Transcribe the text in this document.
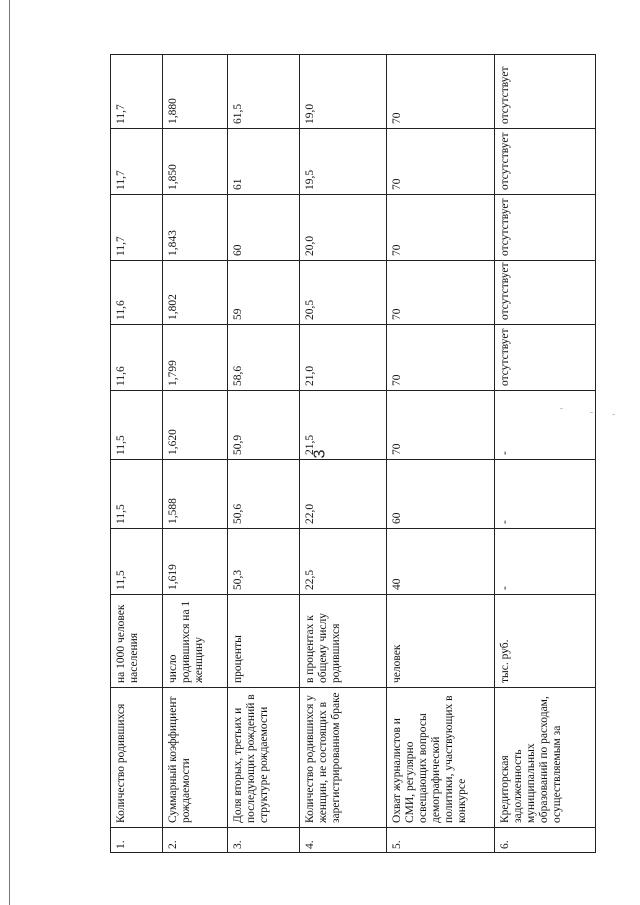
3
1.	Количество родившихся	на 1000 человек населения	11,5	11,5	11,5	11,6	11,6	11,7	11,7	11,7
2.	Суммарный коэффициент рождаемости	число родившихся на 1 женщину	1,619	1,588	1,620	1,799	1,802	1,843	1,850	1,880
3.	Доля вторых, третьих и последующих рождений в структуре рождаемости	проценты	50,3	50,6	50,9	58,6	59	60	61	61,5
4.	Количество родившихся у женщин, не состоящих в зарегистрированном браке	в процентах к общему числу родившихся	22,5	22,0	21,5	21,0	20,5	20,0	19,5	19,0
5.	Охват журналистов и СМИ, регулярно освещающих вопросы демографической политики, участвующих в конкурсе	человек	40	60	70	70	70	70	70	70
6.	Кредиторская задолженность муниципальных образований по расходам, осуществляемым за	тыс. руб.	-	-	-	отсутствует	отсутствует	отсутствует	отсутствует	отсутствует
